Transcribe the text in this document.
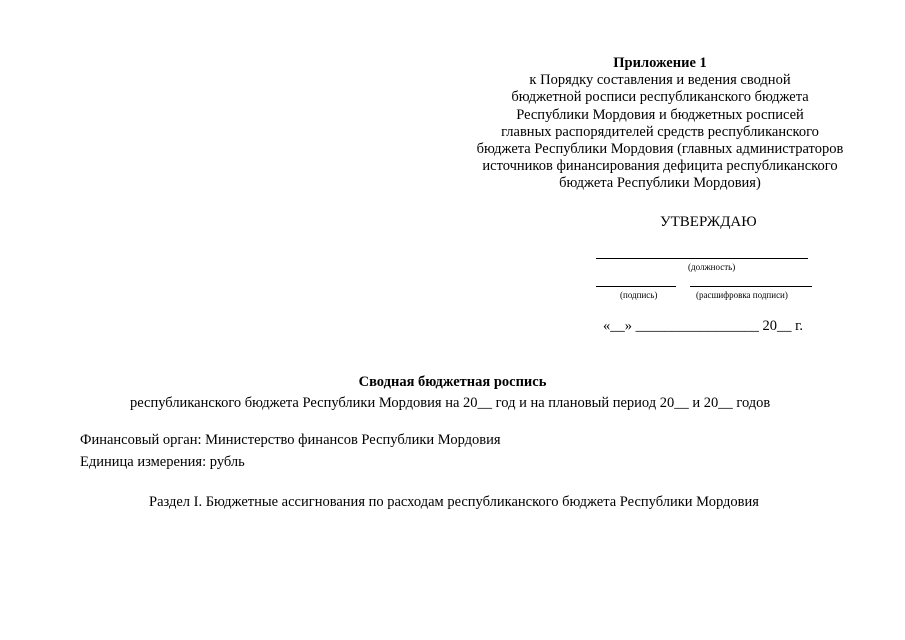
Приложение 1
к Порядку составления и ведения сводной
бюджетной росписи республиканского бюджета
Республики Мордовия и бюджетных росписей
главных распорядителей средств республиканского
бюджета Республики Мордовия (главных администраторов
источников финансирования дефицита республиканского
бюджета Республики Мордовия)
УТВЕРЖДАЮ
(должность)
(подпись)	(расшифровка подписи)
«__» _________________ 20__ г.
Сводная бюджетная роспись
республиканского бюджета Республики Мордовия на 20__ год и на плановый период 20__ и 20__ годов
Финансовый орган: Министерство финансов Республики Мордовия
Единица измерения: рубль
Раздел I. Бюджетные ассигнования по расходам республиканского бюджета Республики Мордовия
